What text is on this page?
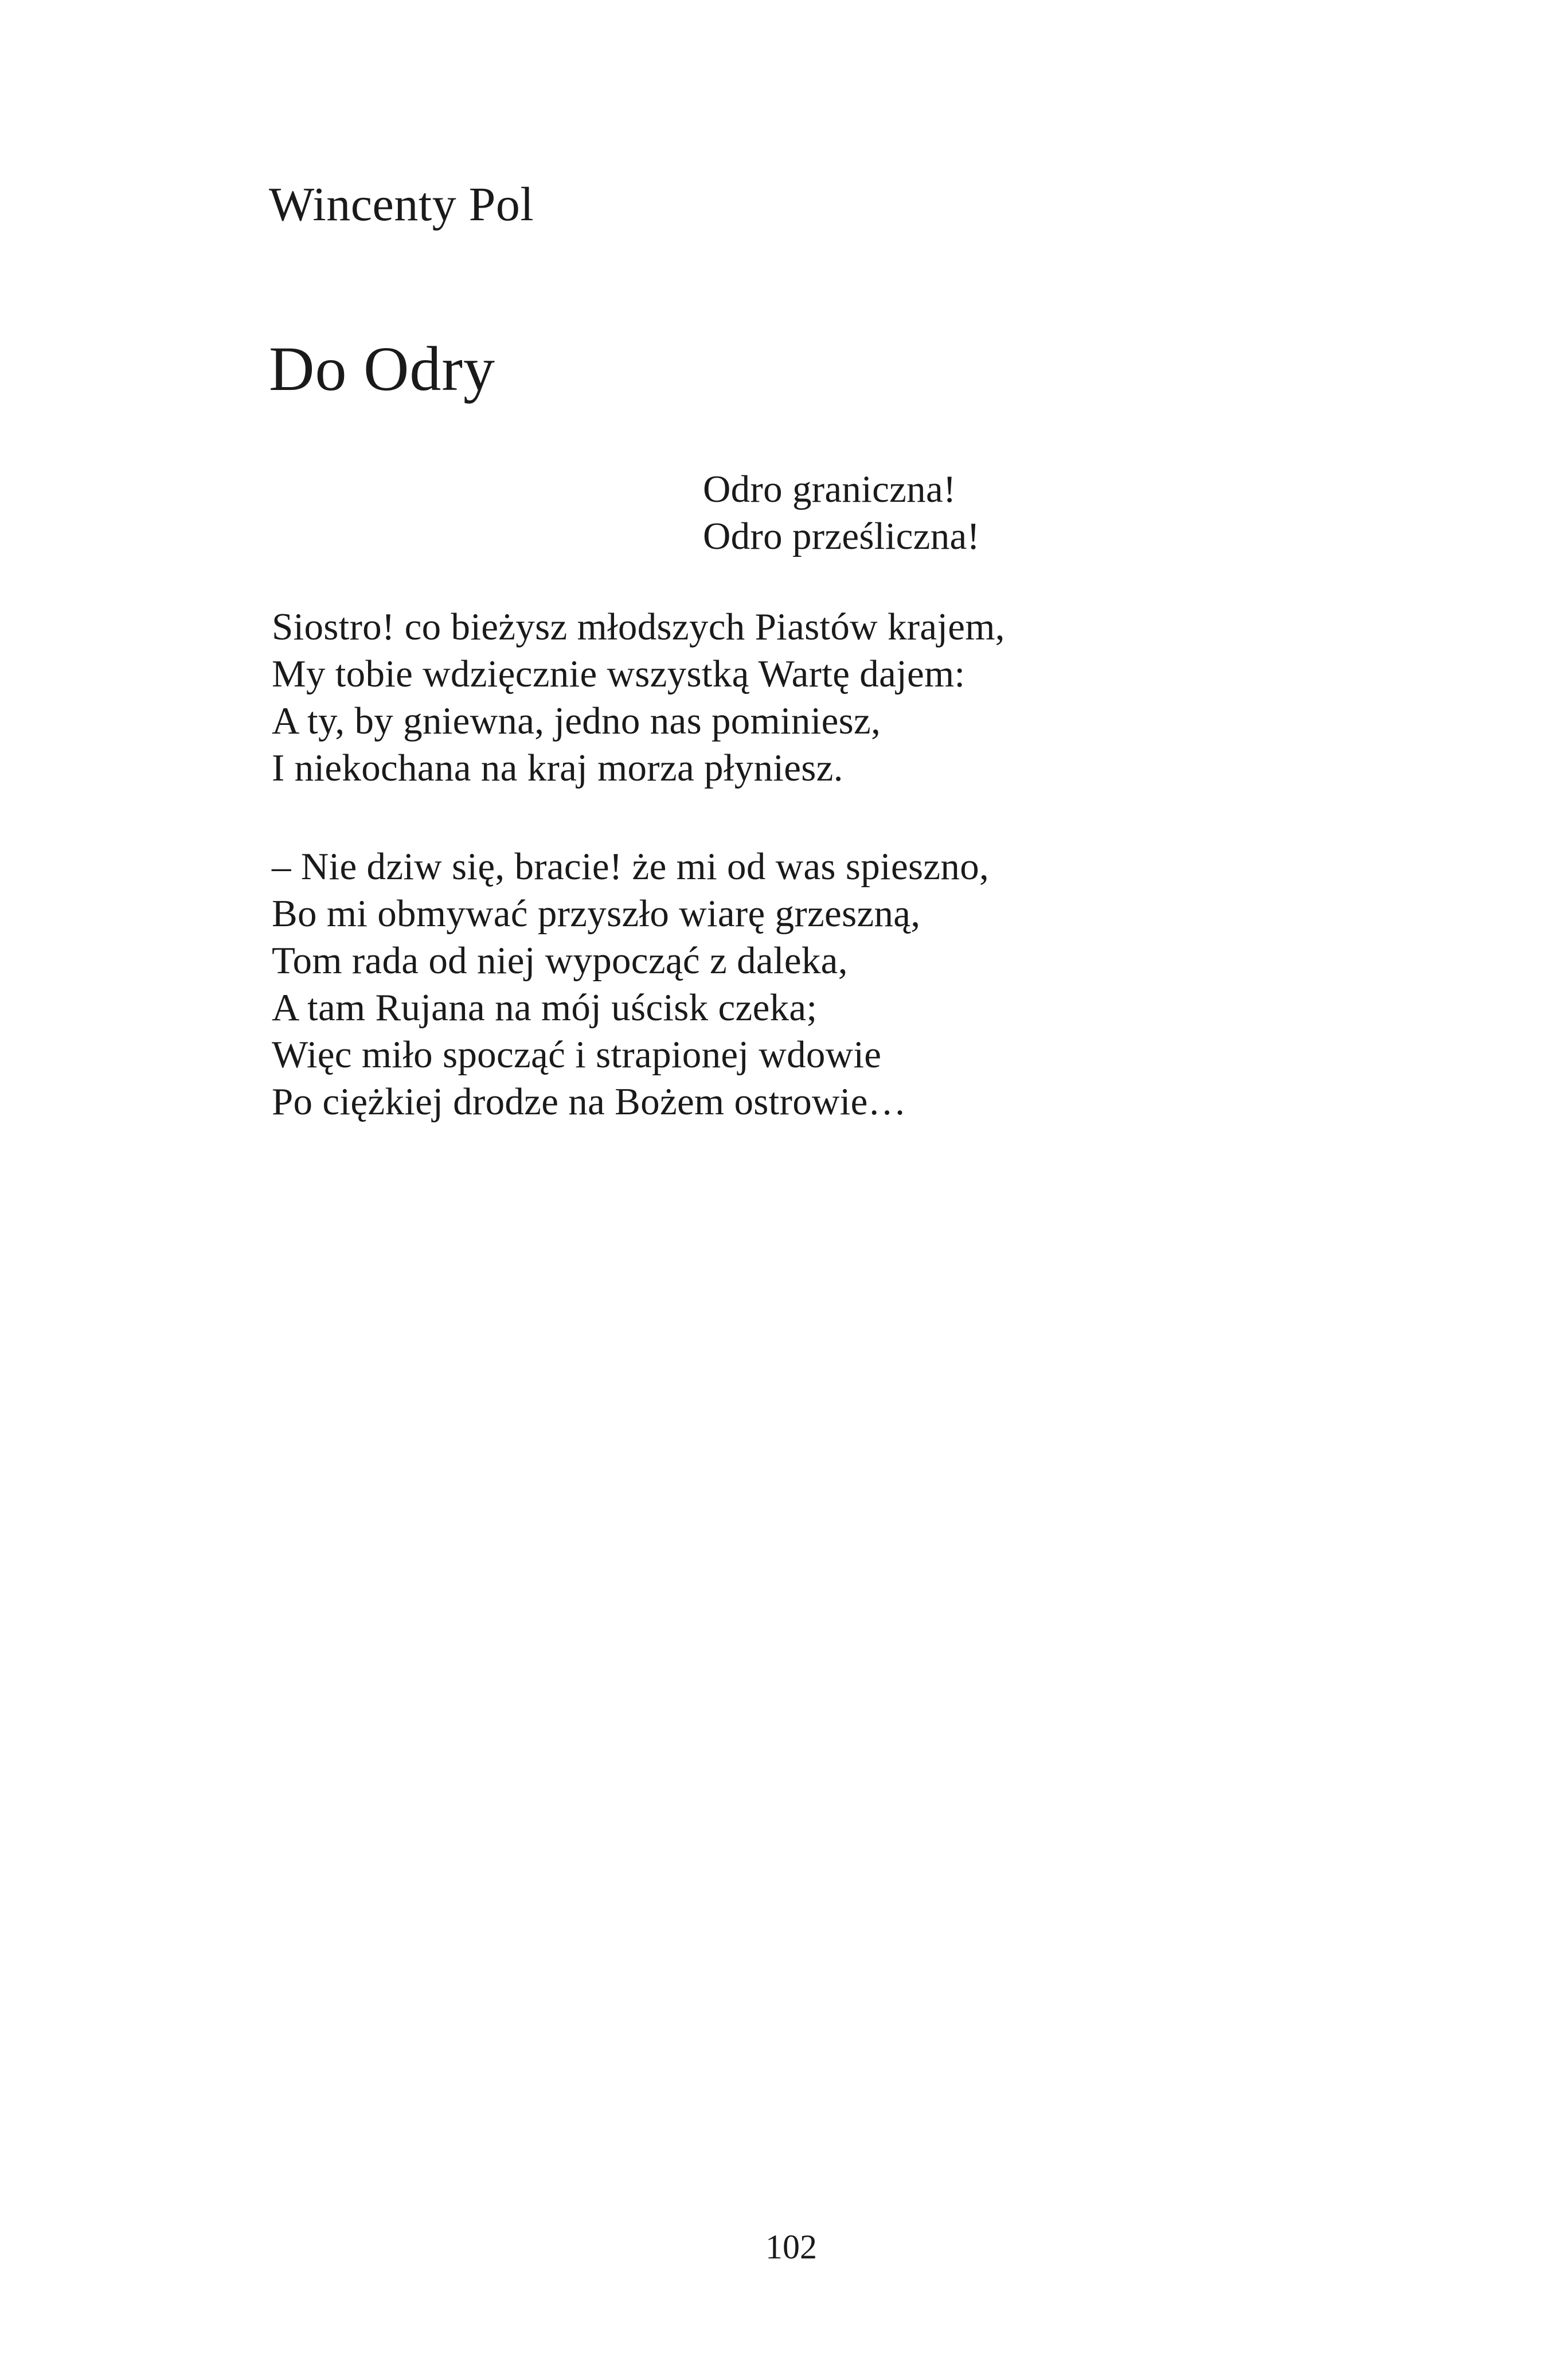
Wincenty Pol
Do Odry
Odro graniczna!
Odro prześliczna!
Siostro! co bieżysz młodszych Piastów krajem,
My tobie wdzięcznie wszystką Wartę dajem:
A ty, by gniewna, jedno nas pominiesz,
I niekochana na kraj morza płyniesz.
– Nie dziw się, bracie! że mi od was spieszno,
Bo mi obmywać przyszło wiarę grzeszną,
Tom rada od niej wypocząć z daleka,
A tam Rujana na mój uścisk czeka;
Więc miło spocząć i strapionej wdowie
Po ciężkiej drodze na Bożem ostrowie…
102
